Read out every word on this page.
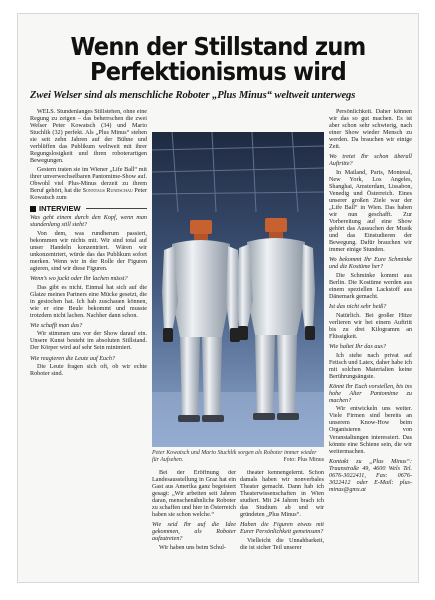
Wenn der Stillstand zum
Perfektionismus wird
Zwei Welser sind als menschliche Roboter „Plus Minus“ weltweit unterwegs

WELS. Stundenlanges Stillstehen, ohne eine Regung zu zeigen – das beherrschen die zwei Welser Peter Kowatsch (34) und Mario Stuchlik (32) perfekt. Als „Plus Minus“ stehen sie seit zehn Jahren auf der Bühne und verblüffen das Publikum weltweit mit ihrer Regungslosigkeit und ihren roboterartigen Bewegungen.

Gestern traten sie im Wiener „Life Ball“ mit ihrer unverwechselbaren Pantomime-Show auf. Obwohl viel Plus-Minus derzeit zu ihrem Beruf gehört, hat die Sonntags Rundschau Peter Kowatsch zum

INTERVIEW

Was geht einem durch den Kopf, wenn man stundenlang still steht?

Von dem, was rundherum passiert, bekommen wir nichts mit. Wir sind total auf unser Handeln konzentriert. Wären wir unkonzentriert, würde das das Publikum sofort merken. Wenn wir in der Rolle der Figuren agieren, sind wir diese Figuren.

Wenn’s wo juckt oder Ihr lachen müsst?

Das gibt es nicht. Einmal hat sich auf die Glatze meines Partners eine Mücke gesetzt, die in gestochen hat. Ich hab zuschauen können, wie er eine Beule bekommt und musste trotzdem nicht lachen. Nachher dann schon.

Wie schafft man das?

Wir stimmen uns vor der Show darauf ein. Unsere Kunst besteht im absoluten Stillstand. Der Körper wird auf sehr Sein minimiert.

Wie reagieren die Leute auf Euch?

Die Leute fragen sich oft, ob wir echte Roboter sind.

Peter Kowatsch und Mario Stuchlik sorgen als Roboter immer wieder für Aufsehen.	Foto: Plus Minus

Bei der Eröffnung der Landesausstellung in Graz hat ein Gast aus Amerika ganz begeistert gesagt: „Wir arbeiten seit Jahren daran, menschenähnliche Roboter zu schaffen und hier in Österreich haben sie schon welche.“

Wie seid Ihr auf die Idee gekommen, als Roboter aufzutreten?

Wir haben uns beim Schul-

theater kennengelernt. Schon damals haben wir nonverbales Theater gemacht. Dann hab ich Theaterwissenschaften in Wien studiert. Mit 24 Jahren brach ich das Studium ab und wir gründeten „Plus Minus“.

Haben die Figuren etwas mit Eurer Persönlichkeit gemeinsam?

Vielleicht die Unnahbarkeit, die ist sicher Teil unserer

Persönlichkeit. Daher können wir das so gut machen. Es ist aber schon sehr schwierig, nach einer Show wieder Mensch zu werden. Da brauchen wir einige Zeit.

Wo tretet Ihr schon überall Auftritte?

In Mailand, Paris, Montreal, New York, Los Angeles, Shanghai, Amsterdam, Lissabon, Venedig und Österreich. Eines unserer großen Ziele war der „Life Ball“ in Wien. Das haben wir nun geschafft. Zur Vorbereitung auf eine Show gehört das Aussuchen der Musik und das Einstudieren der Bewegung. Dafür brauchen wir immer einige Stunden.

Wo bekommt Ihr Eure Schminke und die Kostüme her?

Die Schminke kommt aus Berlin. Die Kostüme werden aus einem speziellen Lackstoff aus Dänemark gemacht.

Ist das nicht sehr heiß?

Natürlich. Bei großer Hitze verlieren wir bei einem Auftritt bis zu drei Kilogramm an Flüssigkeit.

Wie haltet Ihr das aus?

Ich stehe nach privat auf Fetisch und Latex, daher habe ich mit solchen Materialien keine Berührungsängste.

Könnt Ihr Euch vorstellen, bis ins hohe Alter Pantomime zu machen?

Wir entwickeln uns weiter. Viele Firmen sind bereits an unserem Know-How beim Organisieren von Veranstaltungen interessiert. Das könnte eine Schiene sein, die wir weitermachen.

Kontakt zu „Plus Minus“: Traunstraße 49, 4600 Wels Tel. 0676-3022411, Fax: 0676-3022412 oder E-Mail: plus-minus@gmx.at
